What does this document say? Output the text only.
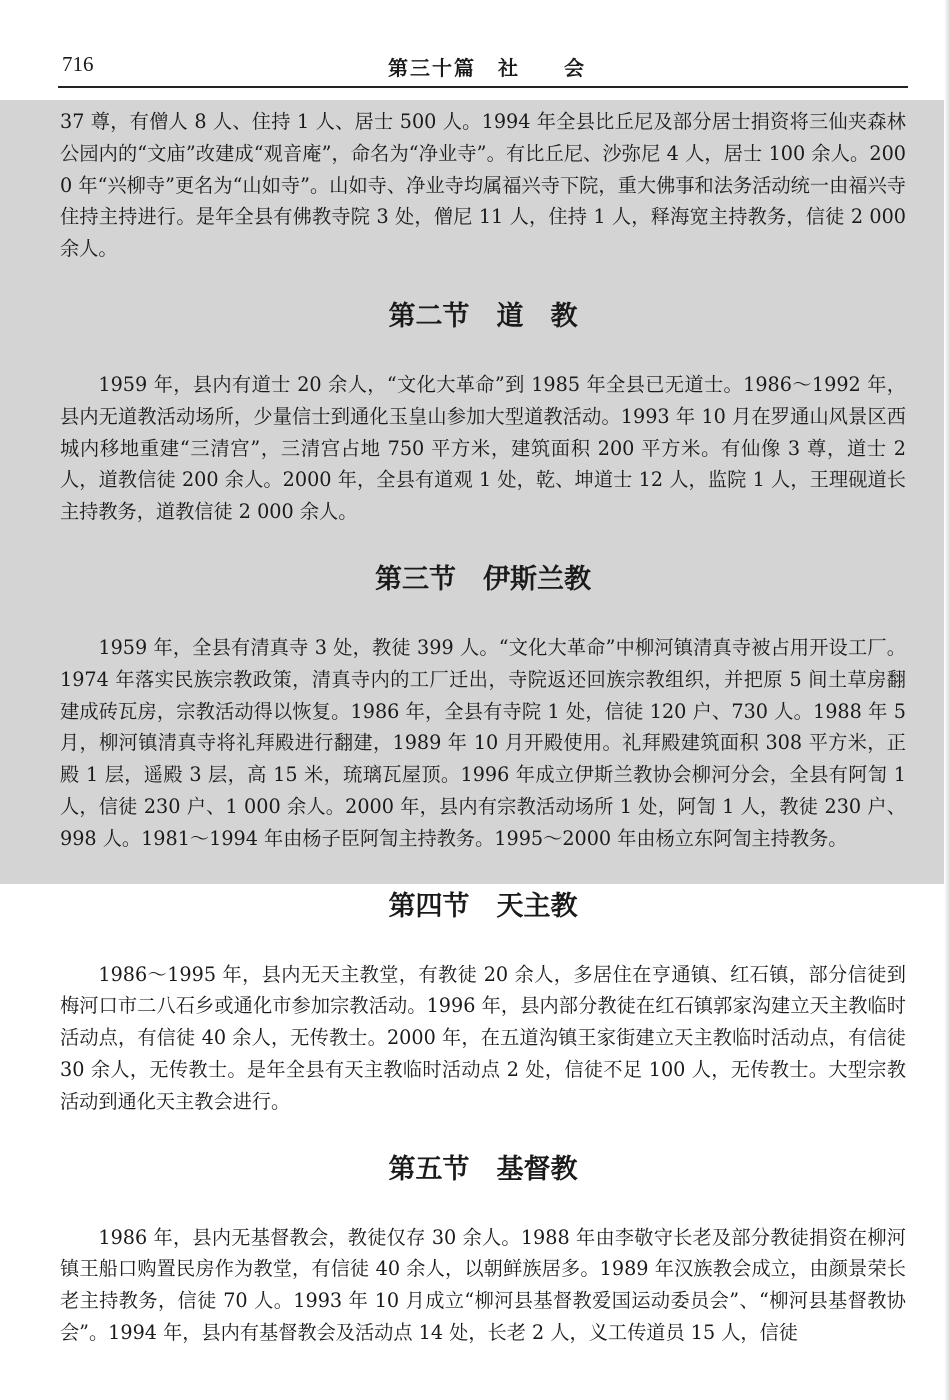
716	第三十篇　社　　会

37 尊，有僧人 8 人、住持 1 人、居士 500 人。1994 年全县比丘尼及部分居士捐资将三仙夹森林公园内的“文庙”改建成“观音庵”，命名为“净业寺”。有比丘尼、沙弥尼 4 人，居士 100 余人。2000 年“兴柳寺”更名为“山如寺”。山如寺、净业寺均属福兴寺下院，重大佛事和法务活动统一由福兴寺住持主持进行。是年全县有佛教寺院 3 处，僧尼 11 人，住持 1 人，释海宽主持教务，信徒 2 000 余人。

第二节　道　教

1959 年，县内有道士 20 余人，“文化大革命”到 1985 年全县已无道士。1986～1992 年，县内无道教活动场所，少量信士到通化玉皇山参加大型道教活动。1993 年 10 月在罗通山风景区西城内移地重建“三清宫”，三清宫占地 750 平方米，建筑面积 200 平方米。有仙像 3 尊，道士 2 人，道教信徒 200 余人。2000 年，全县有道观 1 处，乾、坤道士 12 人，监院 1 人，王理砚道长主持教务，道教信徒 2 000 余人。

第三节　伊斯兰教

1959 年，全县有清真寺 3 处，教徒 399 人。“文化大革命”中柳河镇清真寺被占用开设工厂。1974 年落实民族宗教政策，清真寺内的工厂迁出，寺院返还回族宗教组织，并把原 5 间土草房翻建成砖瓦房，宗教活动得以恢复。1986 年，全县有寺院 1 处，信徒 120 户、730 人。1988 年 5 月，柳河镇清真寺将礼拜殿进行翻建，1989 年 10 月开殿使用。礼拜殿建筑面积 308 平方米，正殿 1 层，遥殿 3 层，高 15 米，琉璃瓦屋顶。1996 年成立伊斯兰教协会柳河分会，全县有阿訇 1 人，信徒 230 户、1 000 余人。2000 年，县内有宗教活动场所 1 处，阿訇 1 人，教徒 230 户、998 人。1981～1994 年由杨子臣阿訇主持教务。1995～2000 年由杨立东阿訇主持教务。

第四节　天主教

1986～1995 年，县内无天主教堂，有教徒 20 余人，多居住在亨通镇、红石镇，部分信徒到梅河口市二八石乡或通化市参加宗教活动。1996 年，县内部分教徒在红石镇郭家沟建立天主教临时活动点，有信徒 40 余人，无传教士。2000 年，在五道沟镇王家街建立天主教临时活动点，有信徒 30 余人，无传教士。是年全县有天主教临时活动点 2 处，信徒不足 100 人，无传教士。大型宗教活动到通化天主教会进行。

第五节　基督教

1986 年，县内无基督教会，教徒仅存 30 余人。1988 年由李敬守长老及部分教徒捐资在柳河镇王船口购置民房作为教堂，有信徒 40 余人，以朝鲜族居多。1989 年汉族教会成立，由颜景荣长老主持教务，信徒 70 人。1993 年 10 月成立“柳河县基督教爱国运动委员会”、“柳河县基督教协会”。1994 年，县内有基督教会及活动点 14 处，长老 2 人，义工传道员 15 人，信徒
